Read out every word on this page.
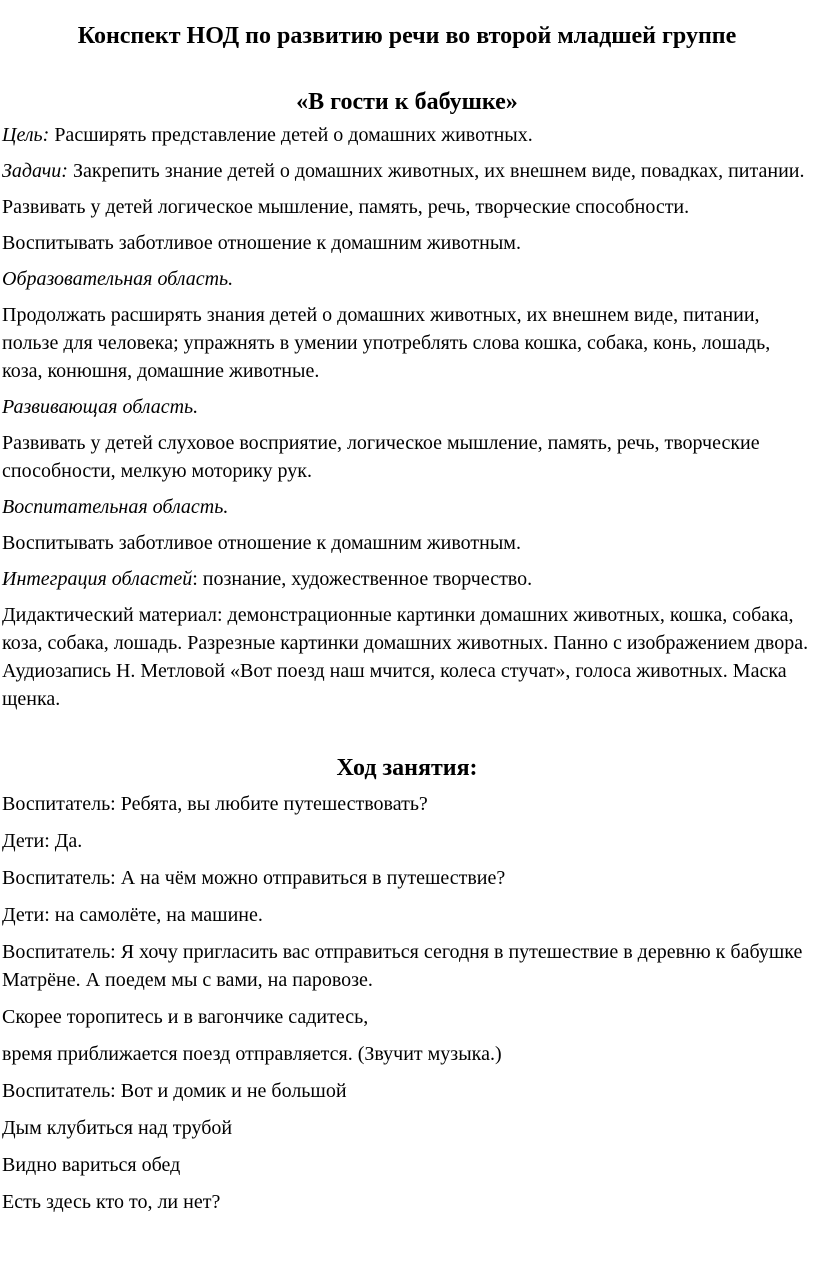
Конспект НОД по развитию речи во второй младшей группе
«В гости к бабушке»

Цель: Расширять представление детей о домашних животных.

Задачи: Закрепить знание детей о домашних животных, их внешнем виде, повадках, питании.

Развивать у детей логическое мышление, память, речь, творческие способности.

Воспитывать заботливое отношение к домашним животным.

Образовательная область.

Продолжать расширять знания детей о домашних животных, их внешнем виде, питании, пользе для человека; упражнять в умении употреблять слова кошка, собака, конь, лошадь, коза, конюшня, домашние животные.

Развивающая область.

Развивать у детей слуховое восприятие, логическое мышление, память, речь, творческие способности, мелкую моторику рук.

Воспитательная область.

Воспитывать заботливое отношение к домашним животным.

Интеграция областей: познание, художественное творчество.

Дидактический материал: демонстрационные картинки домашних животных, кошка, собака, коза, собака, лошадь. Разрезные картинки домашних животных. Панно с изображением двора. Аудиозапись Н. Метловой «Вот поезд наш мчится, колеса стучат», голоса животных. Маска щенка.

Ход занятия:

Воспитатель: Ребята, вы любите путешествовать?

Дети: Да.

Воспитатель: А на чём можно отправиться в путешествие?

Дети: на самолёте, на машине.

Воспитатель: Я хочу пригласить вас отправиться сегодня в путешествие в деревню к бабушке Матрёне. А поедем мы с вами, на паровозе.

Скорее торопитесь и в вагончике садитесь,

время приближается поезд отправляется. (Звучит музыка.)

Воспитатель: Вот и домик и не большой

Дым клубиться над трубой

Видно вариться обед

Есть здесь кто то, ли нет?
